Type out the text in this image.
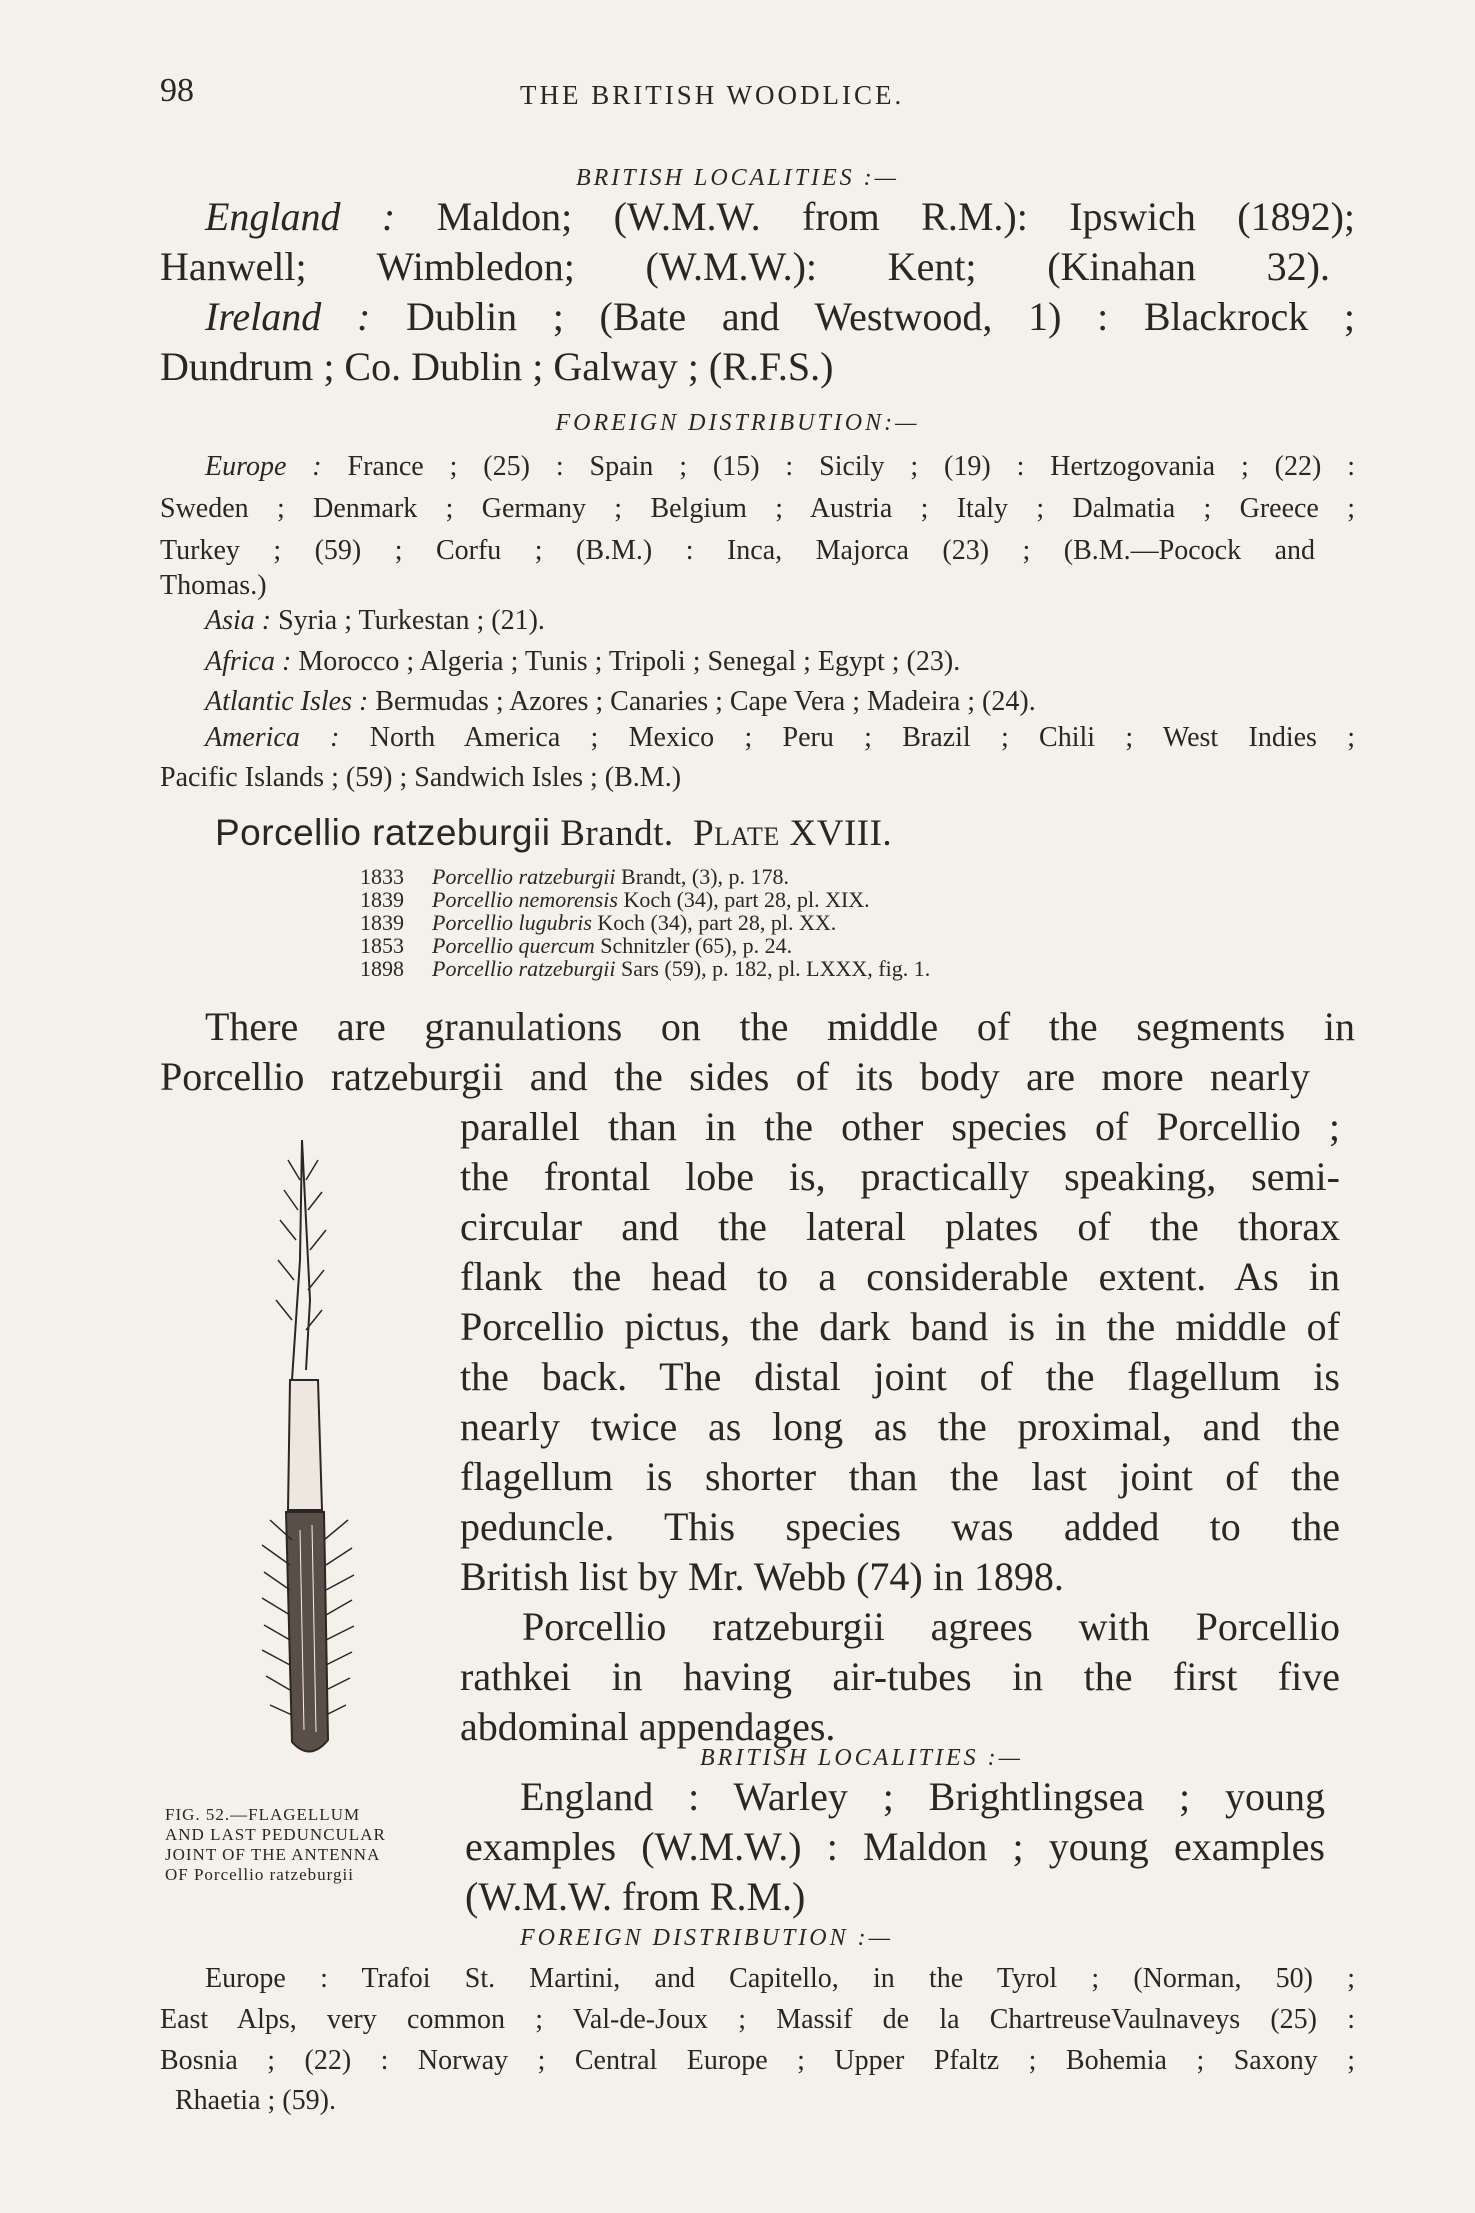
98	THE BRITISH WOODLICE.
BRITISH LOCALITIES :—
England : Maldon; (W.M.W. from R.M.): Ipswich (1892);
Hanwell; Wimbledon; (W.M.W.): Kent; (Kinahan 32).
Ireland : Dublin ; (Bate and Westwood, 1) : Blackrock ;
Dundrum ; Co. Dublin ; Galway ; (R.F.S.)
FOREIGN DISTRIBUTION:—
Europe : France ; (25) : Spain ; (15) : Sicily ; (19) : Hertzogovania ; (22) :
Sweden ; Denmark ; Germany ; Belgium ; Austria ; Italy ; Dalmatia ; Greece ;
Turkey ; (59) ; Corfu ; (B.M.) : Inca, Majorca (23) ; (B.M.—Pocock and
Thomas.)
Asia : Syria ; Turkestan ; (21).
Africa : Morocco ; Algeria ; Tunis ; Tripoli ; Senegal ; Egypt ; (23).
Atlantic Isles : Bermudas ; Azores ; Canaries ; Cape Vera ; Madeira ; (24).
America : North America ; Mexico ; Peru ; Brazil ; Chili ; West Indies ;
Pacific Islands ; (59) ; Sandwich Isles ; (B.M.)
Porcellio ratzeburgii Brandt. Plate XVIII.
1833 Porcellio ratzeburgii Brandt, (3), p. 178.
1839 Porcellio nemorensis Koch (34), part 28, pl. XIX.
1839 Porcellio lugubris Koch (34), part 28, pl. XX.
1853 Porcellio quercum Schnitzler (65), p. 24.
1898 Porcellio ratzeburgii Sars (59), p. 182, pl. LXXX, fig. 1.
There are granulations on the middle of the segments in
Porcellio ratzeburgii and the sides of its body are more nearly
parallel than in the other species of Porcellio ;
the frontal lobe is, practically speaking, semi-
circular and the lateral plates of the thorax
flank the head to a considerable extent. As in
Porcellio pictus, the dark band is in the middle of
the back. The distal joint of the flagellum is
nearly twice as long as the proximal, and the
flagellum is shorter than the last joint of the
peduncle. This species was added to the
British list by Mr. Webb (74) in 1898.
Porcellio ratzeburgii agrees with Porcellio
rathkei in having air-tubes in the first five
abdominal appendages.
BRITISH LOCALITIES :—
England : Warley ; Brightlingsea ; young
examples (W.M.W.) : Maldon ; young examples
(W.M.W. from R.M.)
FIG. 52.—FLAGELLUM
AND LAST PEDUNCULAR
JOINT OF THE ANTENNA
OF Porcellio ratzeburgii
FOREIGN DISTRIBUTION :—
Europe : Trafoi St. Martini, and Capitello, in the Tyrol ; (Norman, 50) ;
East Alps, very common ; Val-de-Joux ; Massif de la ChartreuseVaulnaveys (25) :
Bosnia ; (22) : Norway ; Central Europe ; Upper Pfaltz ; Bohemia ; Saxony ;
Rhaetia ; (59).
